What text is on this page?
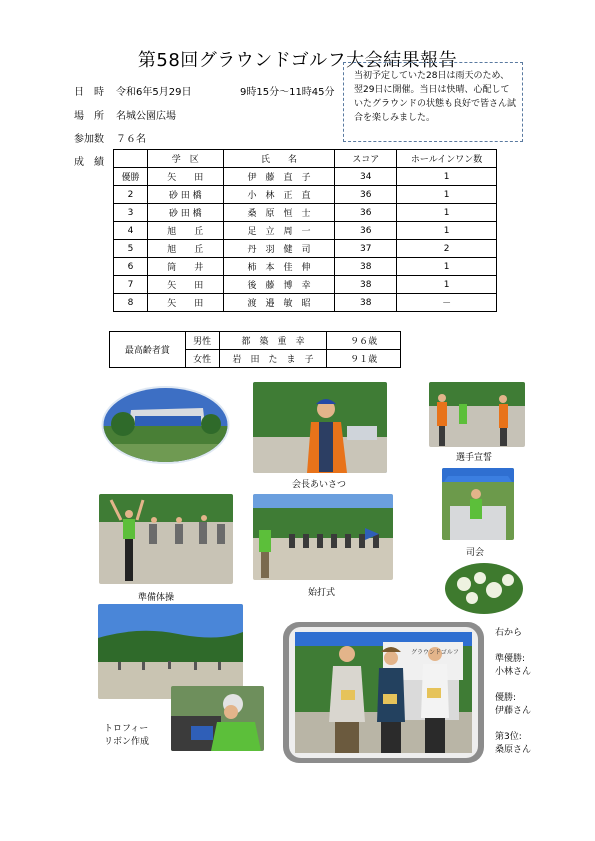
第58回グラウンドゴルフ大会結果報告
日　時 令和6年5月29日	9時15分～11時45分
場　所 名城公園広場
参加数 ７６名
成　績
当初予定していた28日は雨天のため、翌29日に開催。当日は快晴、心配していたグラウンドの状態も良好で皆さん試合を楽しみました。
	学　区	氏　　名	スコア	ホールインワン数
優勝	矢　　田	伊　藤　直　子	34	1
2	砂 田 橋	小　林　正　直	36	1
3	砂 田 橋	桑　原　恒　士	36	1
4	旭　　丘	足　立　周　一	36	1
5	旭　　丘	丹　羽　健　司	37	2
6	筒　　井	柿　本　佳　伸	38	1
7	矢　　田	後　藤　博　幸	38	1
8	矢　　田	渡　邉　敏　昭	38	－
最高齢者賞	男性	都　築　重　幸	９６歳
	女性	岩　田　た　ま　子	９１歳
会長あいさつ
選手宣誓
司会
準備体操	始打式
トロフィー
リボン作成
グラウンドゴルフ
右から
準優勝:
小林さん
優勝:
伊藤さん
第3位:
桑原さん
